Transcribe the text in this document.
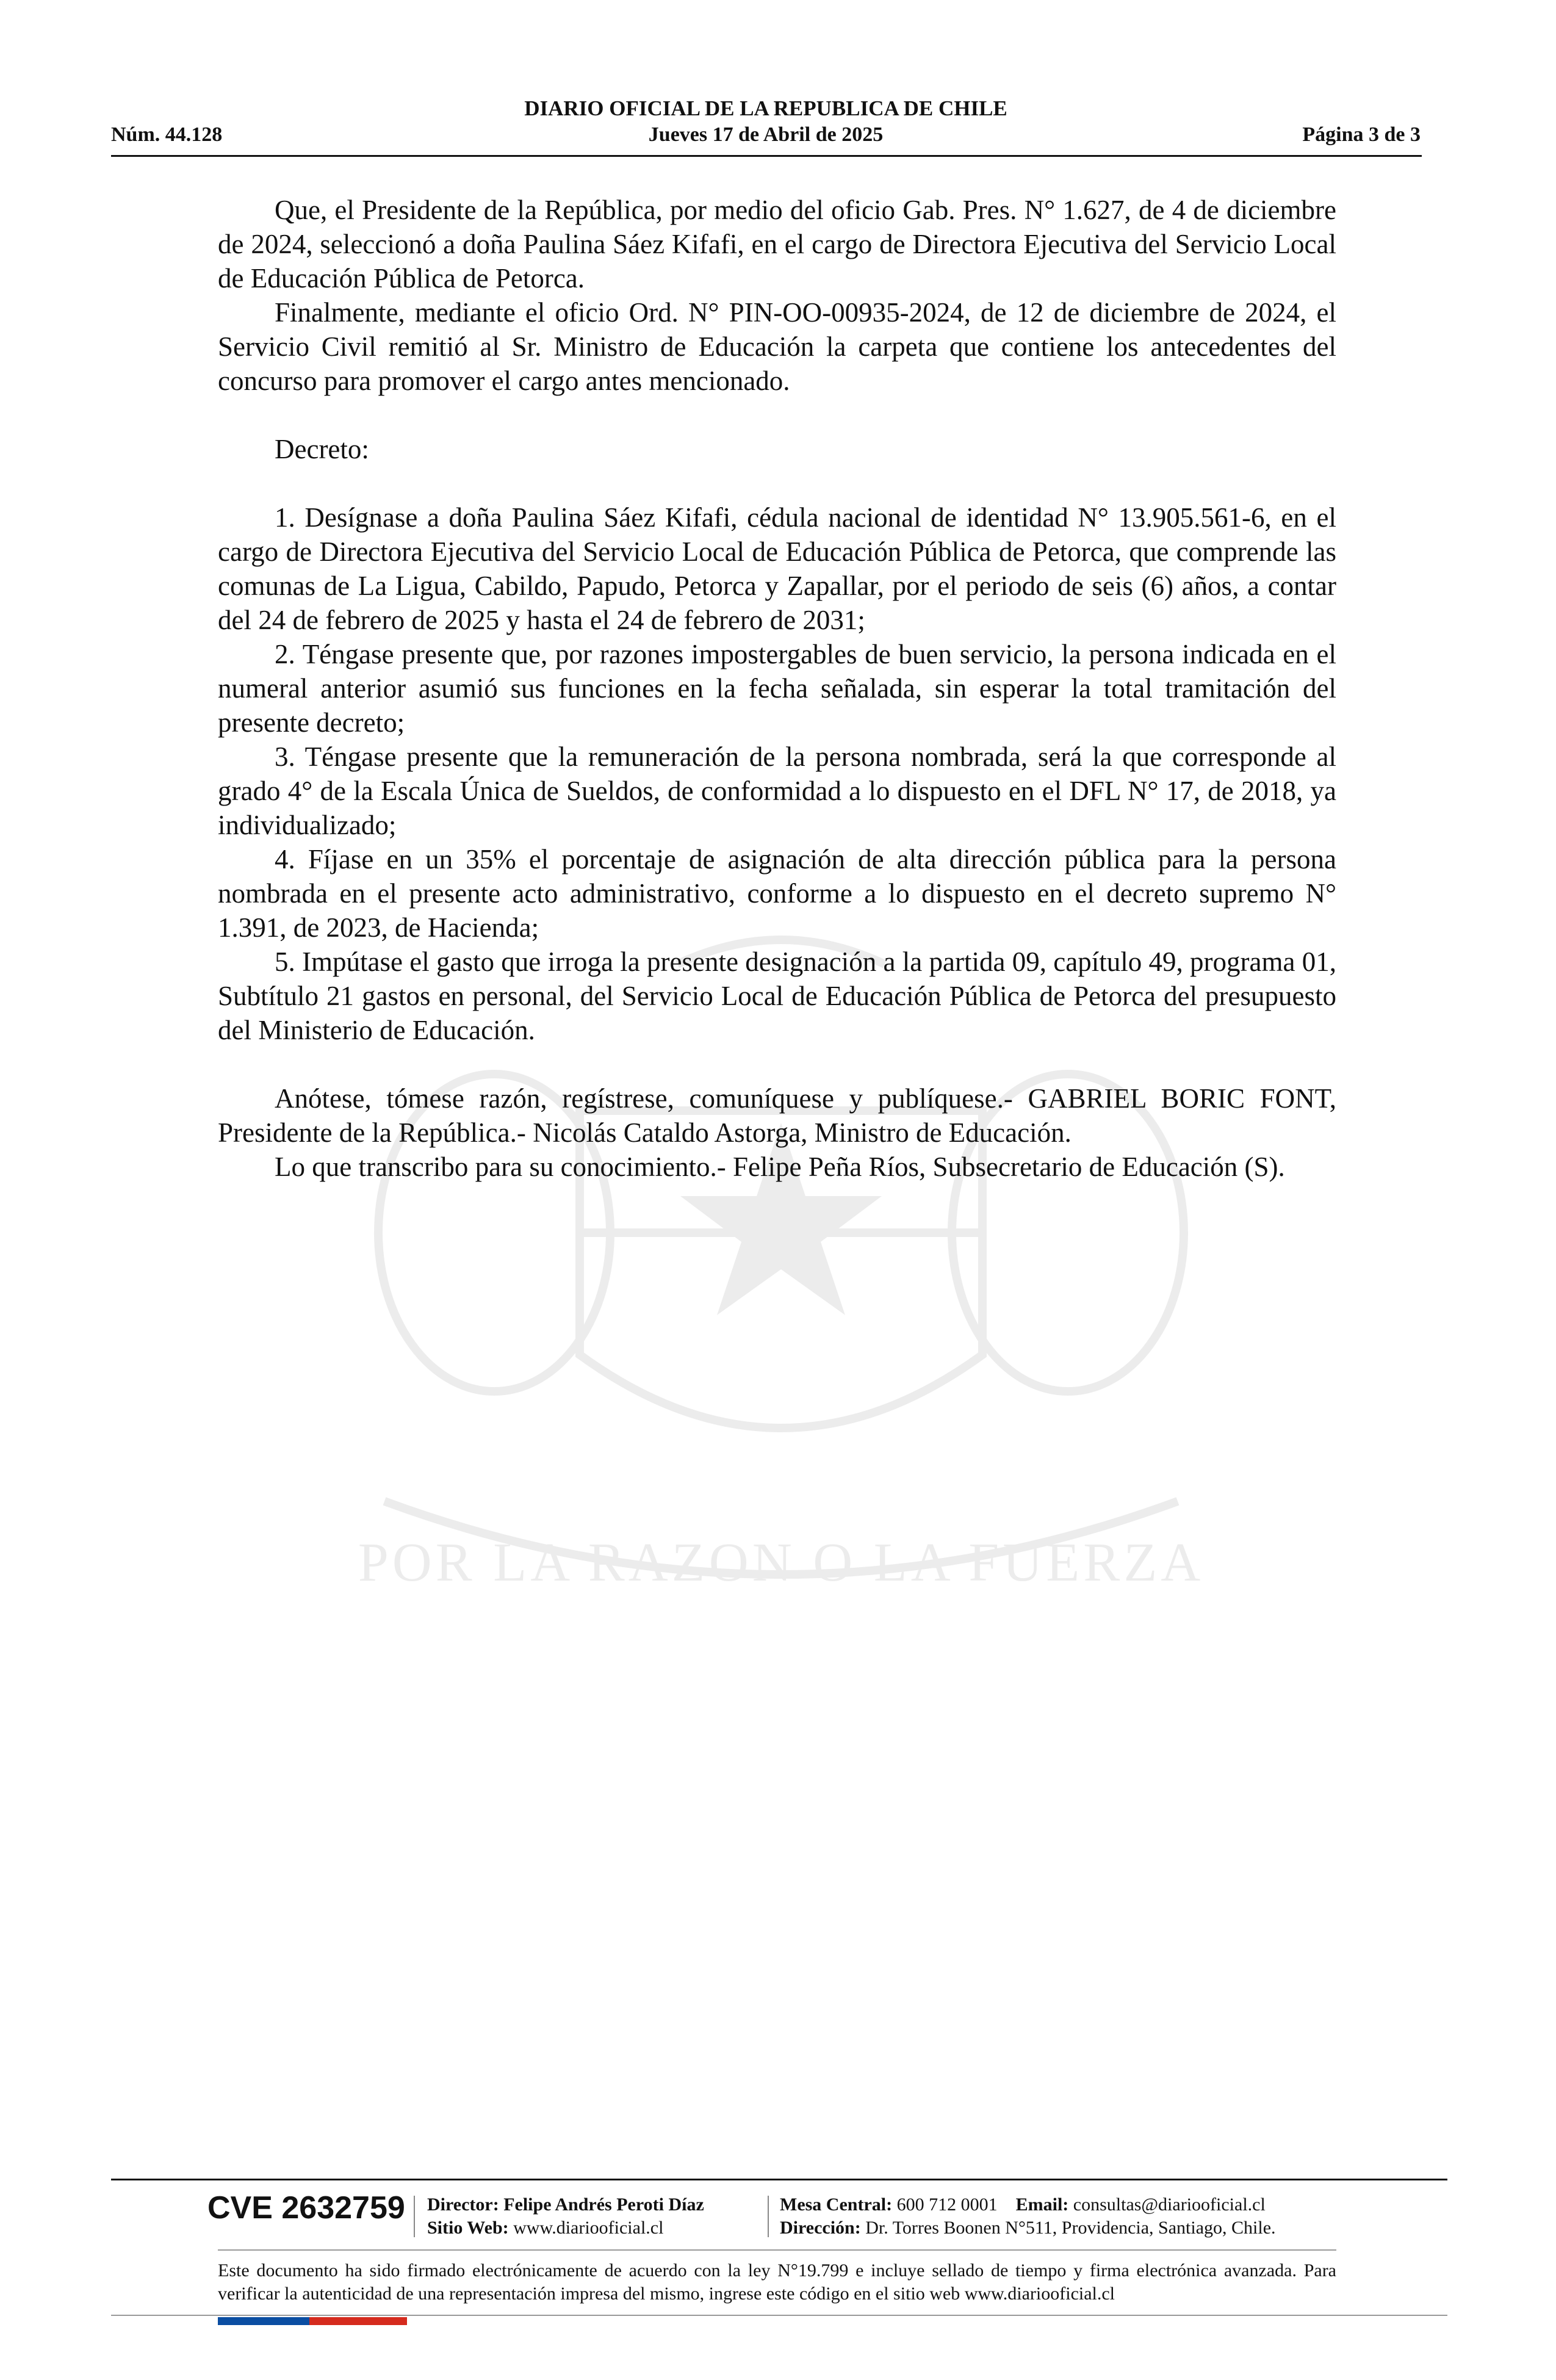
POR LA RAZON O LA FUERZA
DIARIO OFICIAL DE LA REPUBLICA DE CHILE
Núm. 44.128	Jueves 17 de Abril de 2025	Página 3 de 3

Que, el Presidente de la República, por medio del oficio Gab. Pres. N° 1.627, de 4 de diciembre de 2024, seleccionó a doña Paulina Sáez Kifafi, en el cargo de Directora Ejecutiva del Servicio Local de Educación Pública de Petorca.

Finalmente, mediante el oficio Ord. N° PIN-OO-00935-2024, de 12 de diciembre de 2024, el Servicio Civil remitió al Sr. Ministro de Educación la carpeta que contiene los antecedentes del concurso para promover el cargo antes mencionado.

Decreto:

1. Desígnase a doña Paulina Sáez Kifafi, cédula nacional de identidad N° 13.905.561-6, en el cargo de Directora Ejecutiva del Servicio Local de Educación Pública de Petorca, que comprende las comunas de La Ligua, Cabildo, Papudo, Petorca y Zapallar, por el periodo de seis (6) años, a contar del 24 de febrero de 2025 y hasta el 24 de febrero de 2031;

2. Téngase presente que, por razones impostergables de buen servicio, la persona indicada en el numeral anterior asumió sus funciones en la fecha señalada, sin esperar la total tramitación del presente decreto;

3. Téngase presente que la remuneración de la persona nombrada, será la que corresponde al grado 4° de la Escala Única de Sueldos, de conformidad a lo dispuesto en el DFL N° 17, de 2018, ya individualizado;

4. Fíjase en un 35% el porcentaje de asignación de alta dirección pública para la persona nombrada en el presente acto administrativo, conforme a lo dispuesto en el decreto supremo N° 1.391, de 2023, de Hacienda;

5. Impútase el gasto que irroga la presente designación a la partida 09, capítulo 49, programa 01, Subtítulo 21 gastos en personal, del Servicio Local de Educación Pública de Petorca del presupuesto del Ministerio de Educación.

Anótese, tómese razón, regístrese, comuníquese y publíquese.- GABRIEL BORIC FONT, Presidente de la República.- Nicolás Cataldo Astorga, Ministro de Educación.

Lo que transcribo para su conocimiento.- Felipe Peña Ríos, Subsecretario de Educación (S).

CVE 2632759 Director: Felipe Andrés Peroti Díaz
Sitio Web: www.diariooficial.cl
Mesa Central: 600 712 0001 Email: consultas@diariooficial.cl
Dirección: Dr. Torres Boonen N°511, Providencia, Santiago, Chile.
Este documento ha sido firmado electrónicamente de acuerdo con la ley N°19.799 e incluye sellado de tiempo y firma electrónica avanzada. Para verificar la autenticidad de una representación impresa del mismo, ingrese este código en el sitio web www.diariooficial.cl
